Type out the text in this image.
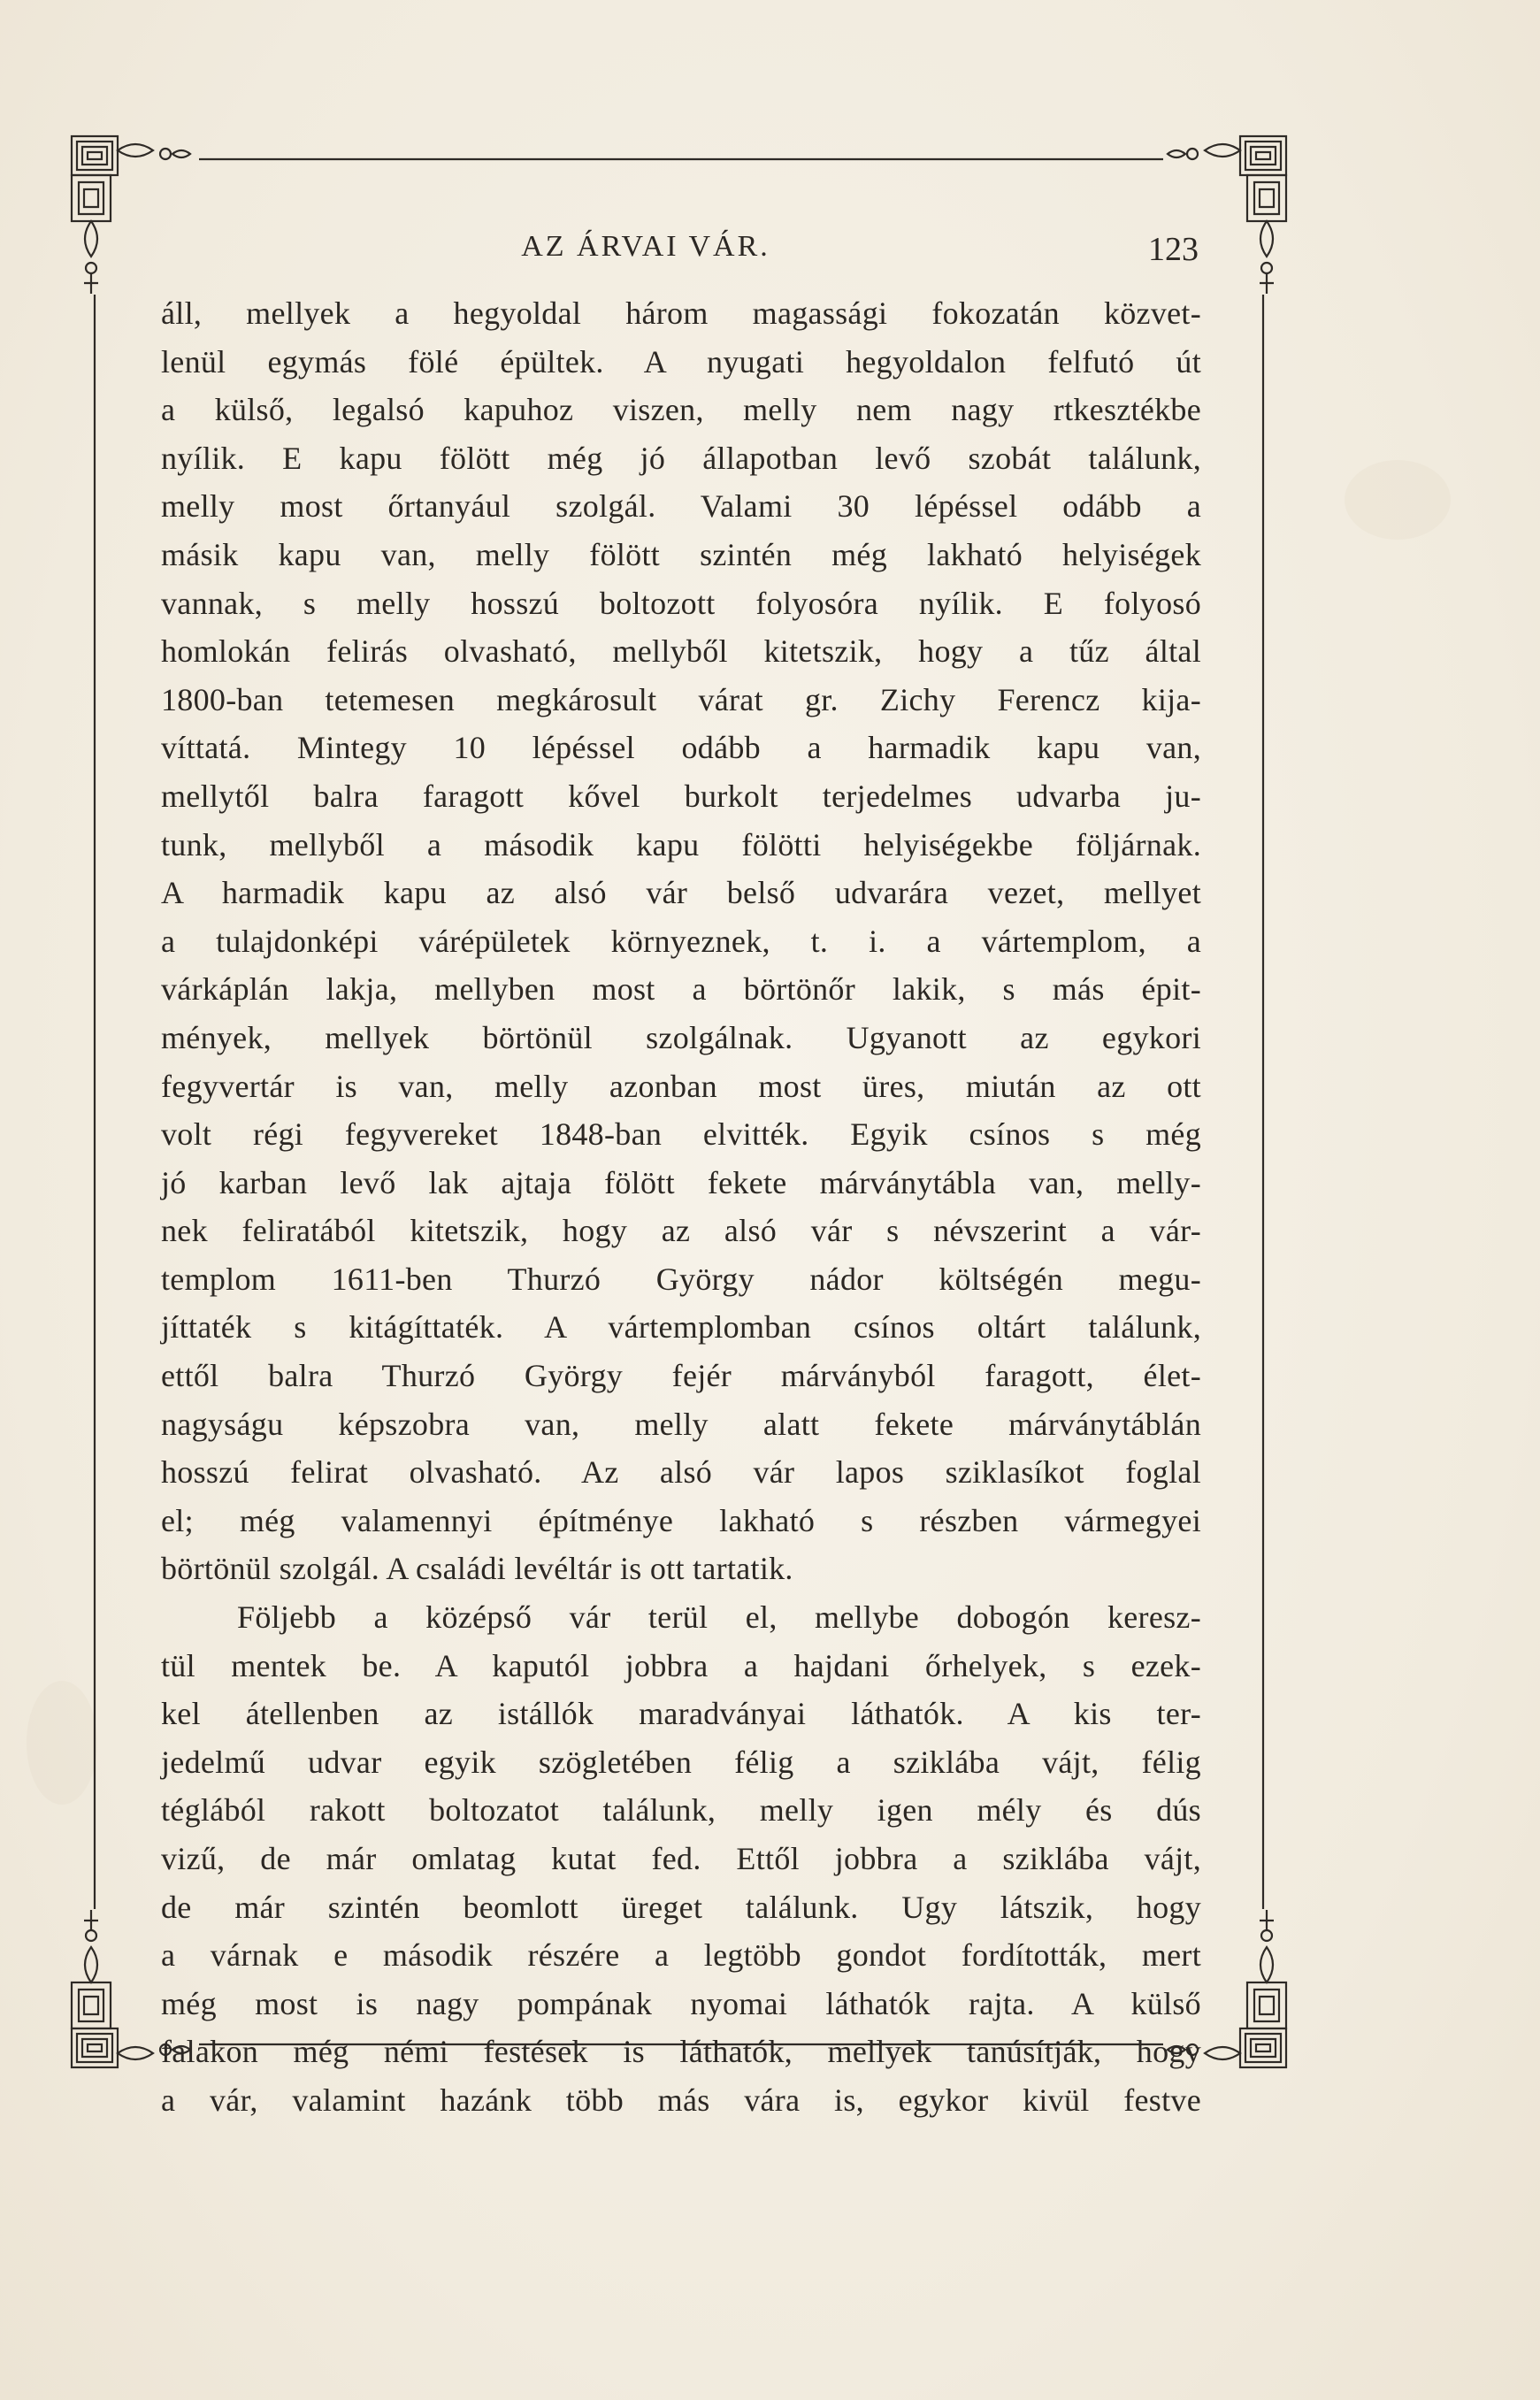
AZ ÁRVAI VÁR.	123
áll, mellyek a hegyoldal három magassági fokozatán közvet-
lenül egymás fölé épültek. A nyugati hegyoldalon felfutó út
a külső, legalsó kapuhoz viszen, melly nem nagy rtkesztékbe
nyílik. E kapu fölött még jó állapotban levő szobát találunk,
melly most őrtanyául szolgál. Valami 30 lépéssel odább a
másik kapu van, melly fölött szintén még lakható helyiségek
vannak, s melly hosszú boltozott folyosóra nyílik. E folyosó
homlokán felirás olvasható, mellyből kitetszik, hogy a tűz által
1800-ban tetemesen megkárosult várat gr. Zichy Ferencz kija-
víttatá. Mintegy 10 lépéssel odább a harmadik kapu van,
mellytől balra faragott kővel burkolt terjedelmes udvarba ju-
tunk, mellyből a második kapu fölötti helyiségekbe följárnak.
A harmadik kapu az alsó vár belső udvarára vezet, mellyet
a tulajdonképi várépületek környeznek, t. i. a vártemplom, a
várkáplán lakja, mellyben most a börtönőr lakik, s más épit-
mények, mellyek börtönül szolgálnak. Ugyanott az egykori
fegyvertár is van, melly azonban most üres, miután az ott
volt régi fegyvereket 1848-ban elvitték. Egyik csínos s még
jó karban levő lak ajtaja fölött fekete márványtábla van, melly-
nek feliratából kitetszik, hogy az alsó vár s névszerint a vár-
templom 1611-ben Thurzó György nádor költségén megu-
jíttaték s kitágíttaték. A vártemplomban csínos oltárt találunk,
ettől balra Thurzó György fejér márványból faragott, élet-
nagyságu képszobra van, melly alatt fekete márványtáblán
hosszú felirat olvasható. Az alsó vár lapos sziklasíkot foglal
el; még valamennyi építménye lakható s részben vármegyei
börtönül szolgál. A családi levéltár is ott tartatik.
Följebb a középső vár terül el, mellybe dobogón keresz-
tül mentek be. A kaputól jobbra a hajdani őrhelyek, s ezek-
kel átellenben az istállók maradványai láthatók. A kis ter-
jedelmű udvar egyik szögletében félig a sziklába vájt, félig
téglából rakott boltozatot találunk, melly igen mély és dús
vizű, de már omlatag kutat fed. Ettől jobbra a sziklába vájt,
de már szintén beomlott üreget találunk. Ugy látszik, hogy
a várnak e második részére a legtöbb gondot fordították, mert
még most is nagy pompának nyomai láthatók rajta. A külső
falakon még némi festések is láthatók, mellyek tanúsítják, hogy
a vár, valamint hazánk több más vára is, egykor kivül festve
